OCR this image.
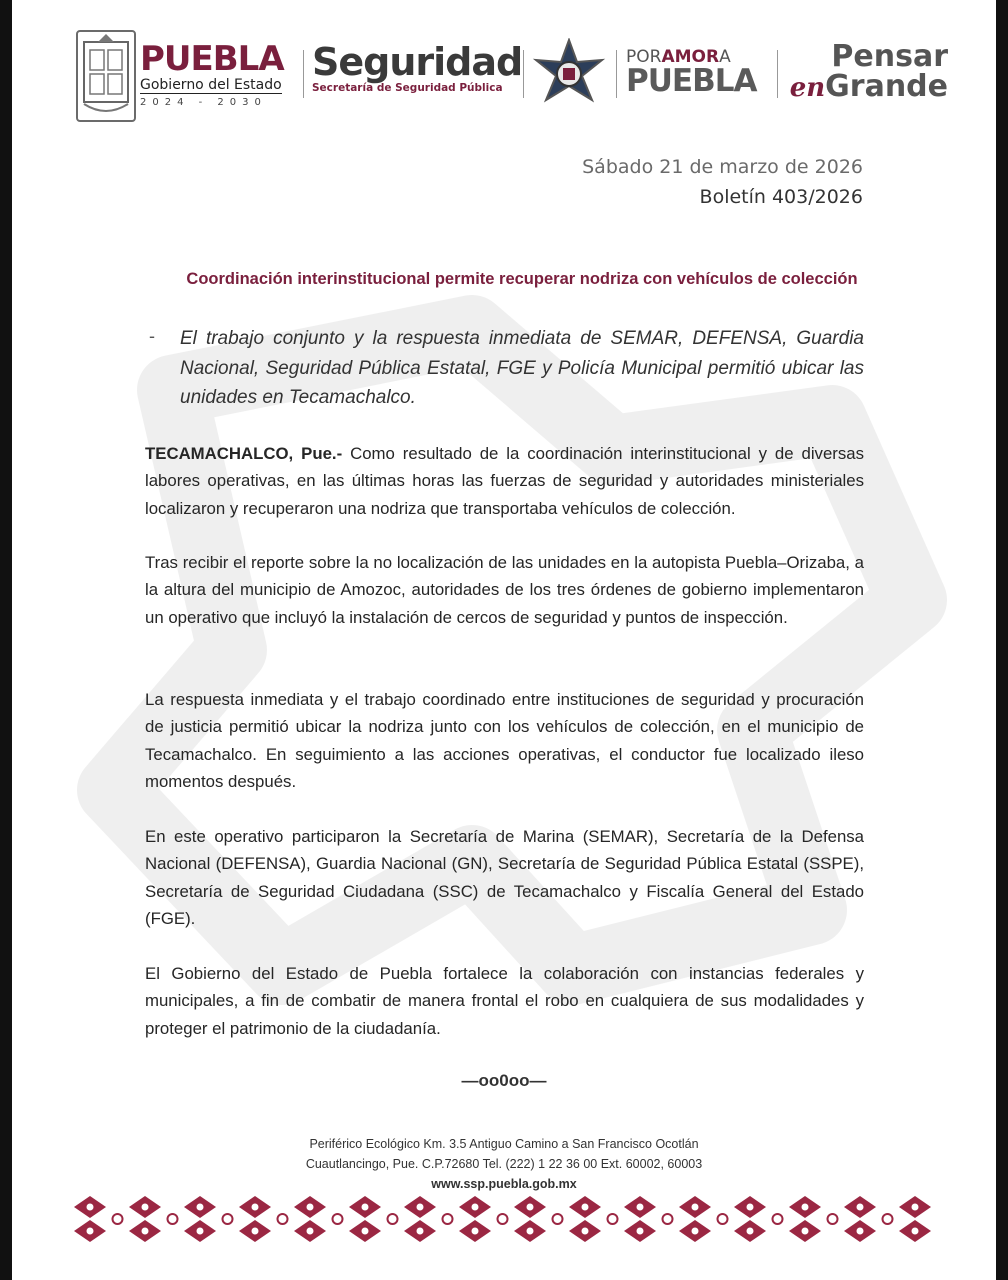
PUEBLA
Gobierno del Estado
2024 - 2030
Seguridad
Secretaría de Seguridad Pública
PORAMORA
PUEBLA
Pensar
enGrande
Sábado 21 de marzo de 2026
Boletín 403/2026
Coordinación interinstitucional permite recuperar nodriza con vehículos de colección
- El trabajo conjunto y la respuesta inmediata de SEMAR, DEFENSA, Guardia Nacional, Seguridad Pública Estatal, FGE y Policía Municipal permitió ubicar las unidades en Tecamachalco.

TECAMACHALCO, Pue.- Como resultado de la coordinación interinstitucional y de diversas labores operativas, en las últimas horas las fuerzas de seguridad y autoridades ministeriales localizaron y recuperaron una nodriza que transportaba vehículos de colección.

Tras recibir el reporte sobre la no localización de las unidades en la autopista Puebla–Orizaba, a la altura del municipio de Amozoc, autoridades de los tres órdenes de gobierno implementaron un operativo que incluyó la instalación de cercos de seguridad y puntos de inspección.

La respuesta inmediata y el trabajo coordinado entre instituciones de seguridad y procuración de justicia permitió ubicar la nodriza junto con los vehículos de colección, en el municipio de Tecamachalco. En seguimiento a las acciones operativas, el conductor fue localizado ileso momentos después.

En este operativo participaron la Secretaría de Marina (SEMAR), Secretaría de la Defensa Nacional (DEFENSA), Guardia Nacional (GN), Secretaría de Seguridad Pública Estatal (SSPE), Secretaría de Seguridad Ciudadana (SSC) de Tecamachalco y Fiscalía General del Estado (FGE).

El Gobierno del Estado de Puebla fortalece la colaboración con instancias federales y municipales, a fin de combatir de manera frontal el robo en cualquiera de sus modalidades y proteger el patrimonio de la ciudadanía.

—oo0oo—
Periférico Ecológico Km. 3.5 Antiguo Camino a San Francisco Ocotlán
Cuautlancingo, Pue. C.P.72680 Tel. (222) 1 22 36 00 Ext. 60002, 60003
www.ssp.puebla.gob.mx
